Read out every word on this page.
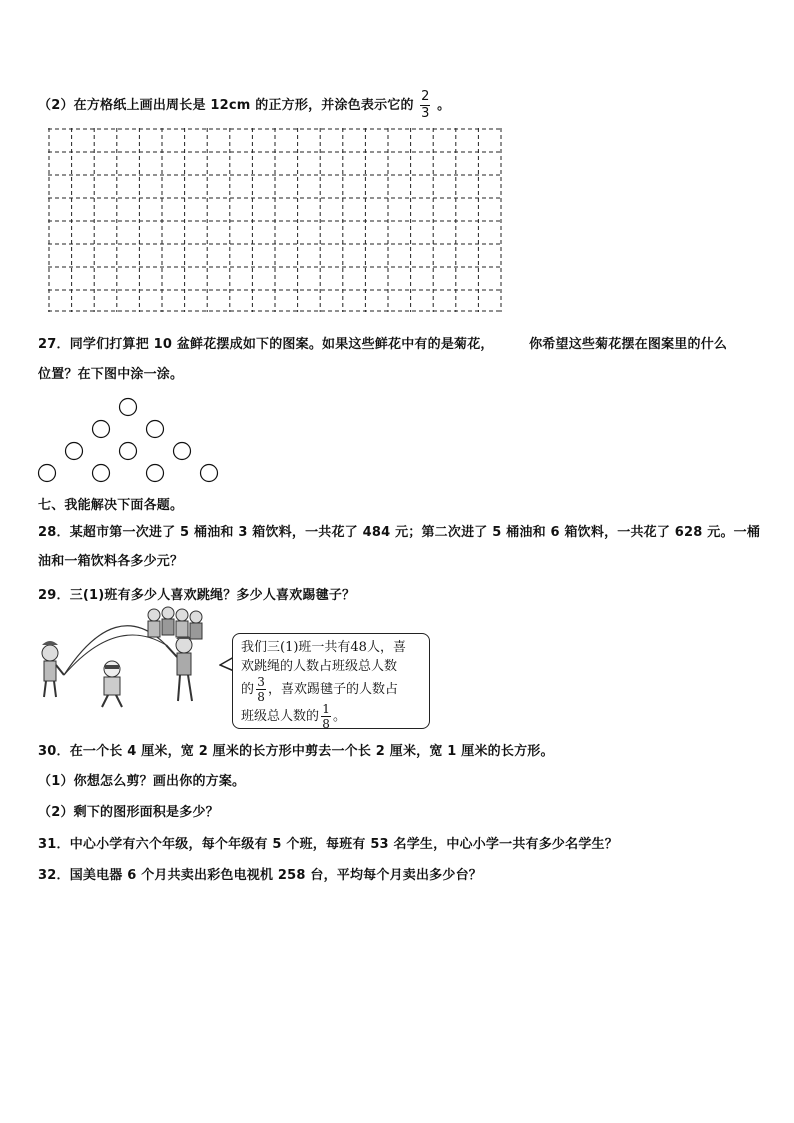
（2）在方格纸上画出周长是 12cm 的正方形，并涂色表示它的 $\frac{2}{3}$ 。
27．同学们打算把 10 盆鲜花摆成如下的图案。如果这些鲜花中有的是菊花，	你希望这些菊花摆在图案里的什么
位置？在下图中涂一涂。
七、我能解决下面各题。
28．某超市第一次进了 5 桶油和 3 箱饮料，一共花了 484 元；第二次进了 5 桶油和 6 箱饮料，一共花了 628 元。一桶
油和一箱饮料各多少元？
29．三(1)班有多少人喜欢跳绳？多少人喜欢踢毽子？
我们三(1)班一共有48人，喜
欢跳绳的人数占班级总人数
的 $\frac{3}{8}$ ，喜欢踢毽子的人数占
班级总人数的 $\frac{1}{8}$ 。
30．在一个长 4 厘米，宽 2 厘米的长方形中剪去一个长 2 厘米，宽 1 厘米的长方形。
（1）你想怎么剪？画出你的方案。
（2）剩下的图形面积是多少？
31．中心小学有六个年级，每个年级有 5 个班，每班有 53 名学生，中心小学一共有多少名学生？
32．国美电器 6 个月共卖出彩色电视机 258 台，平均每个月卖出多少台？
